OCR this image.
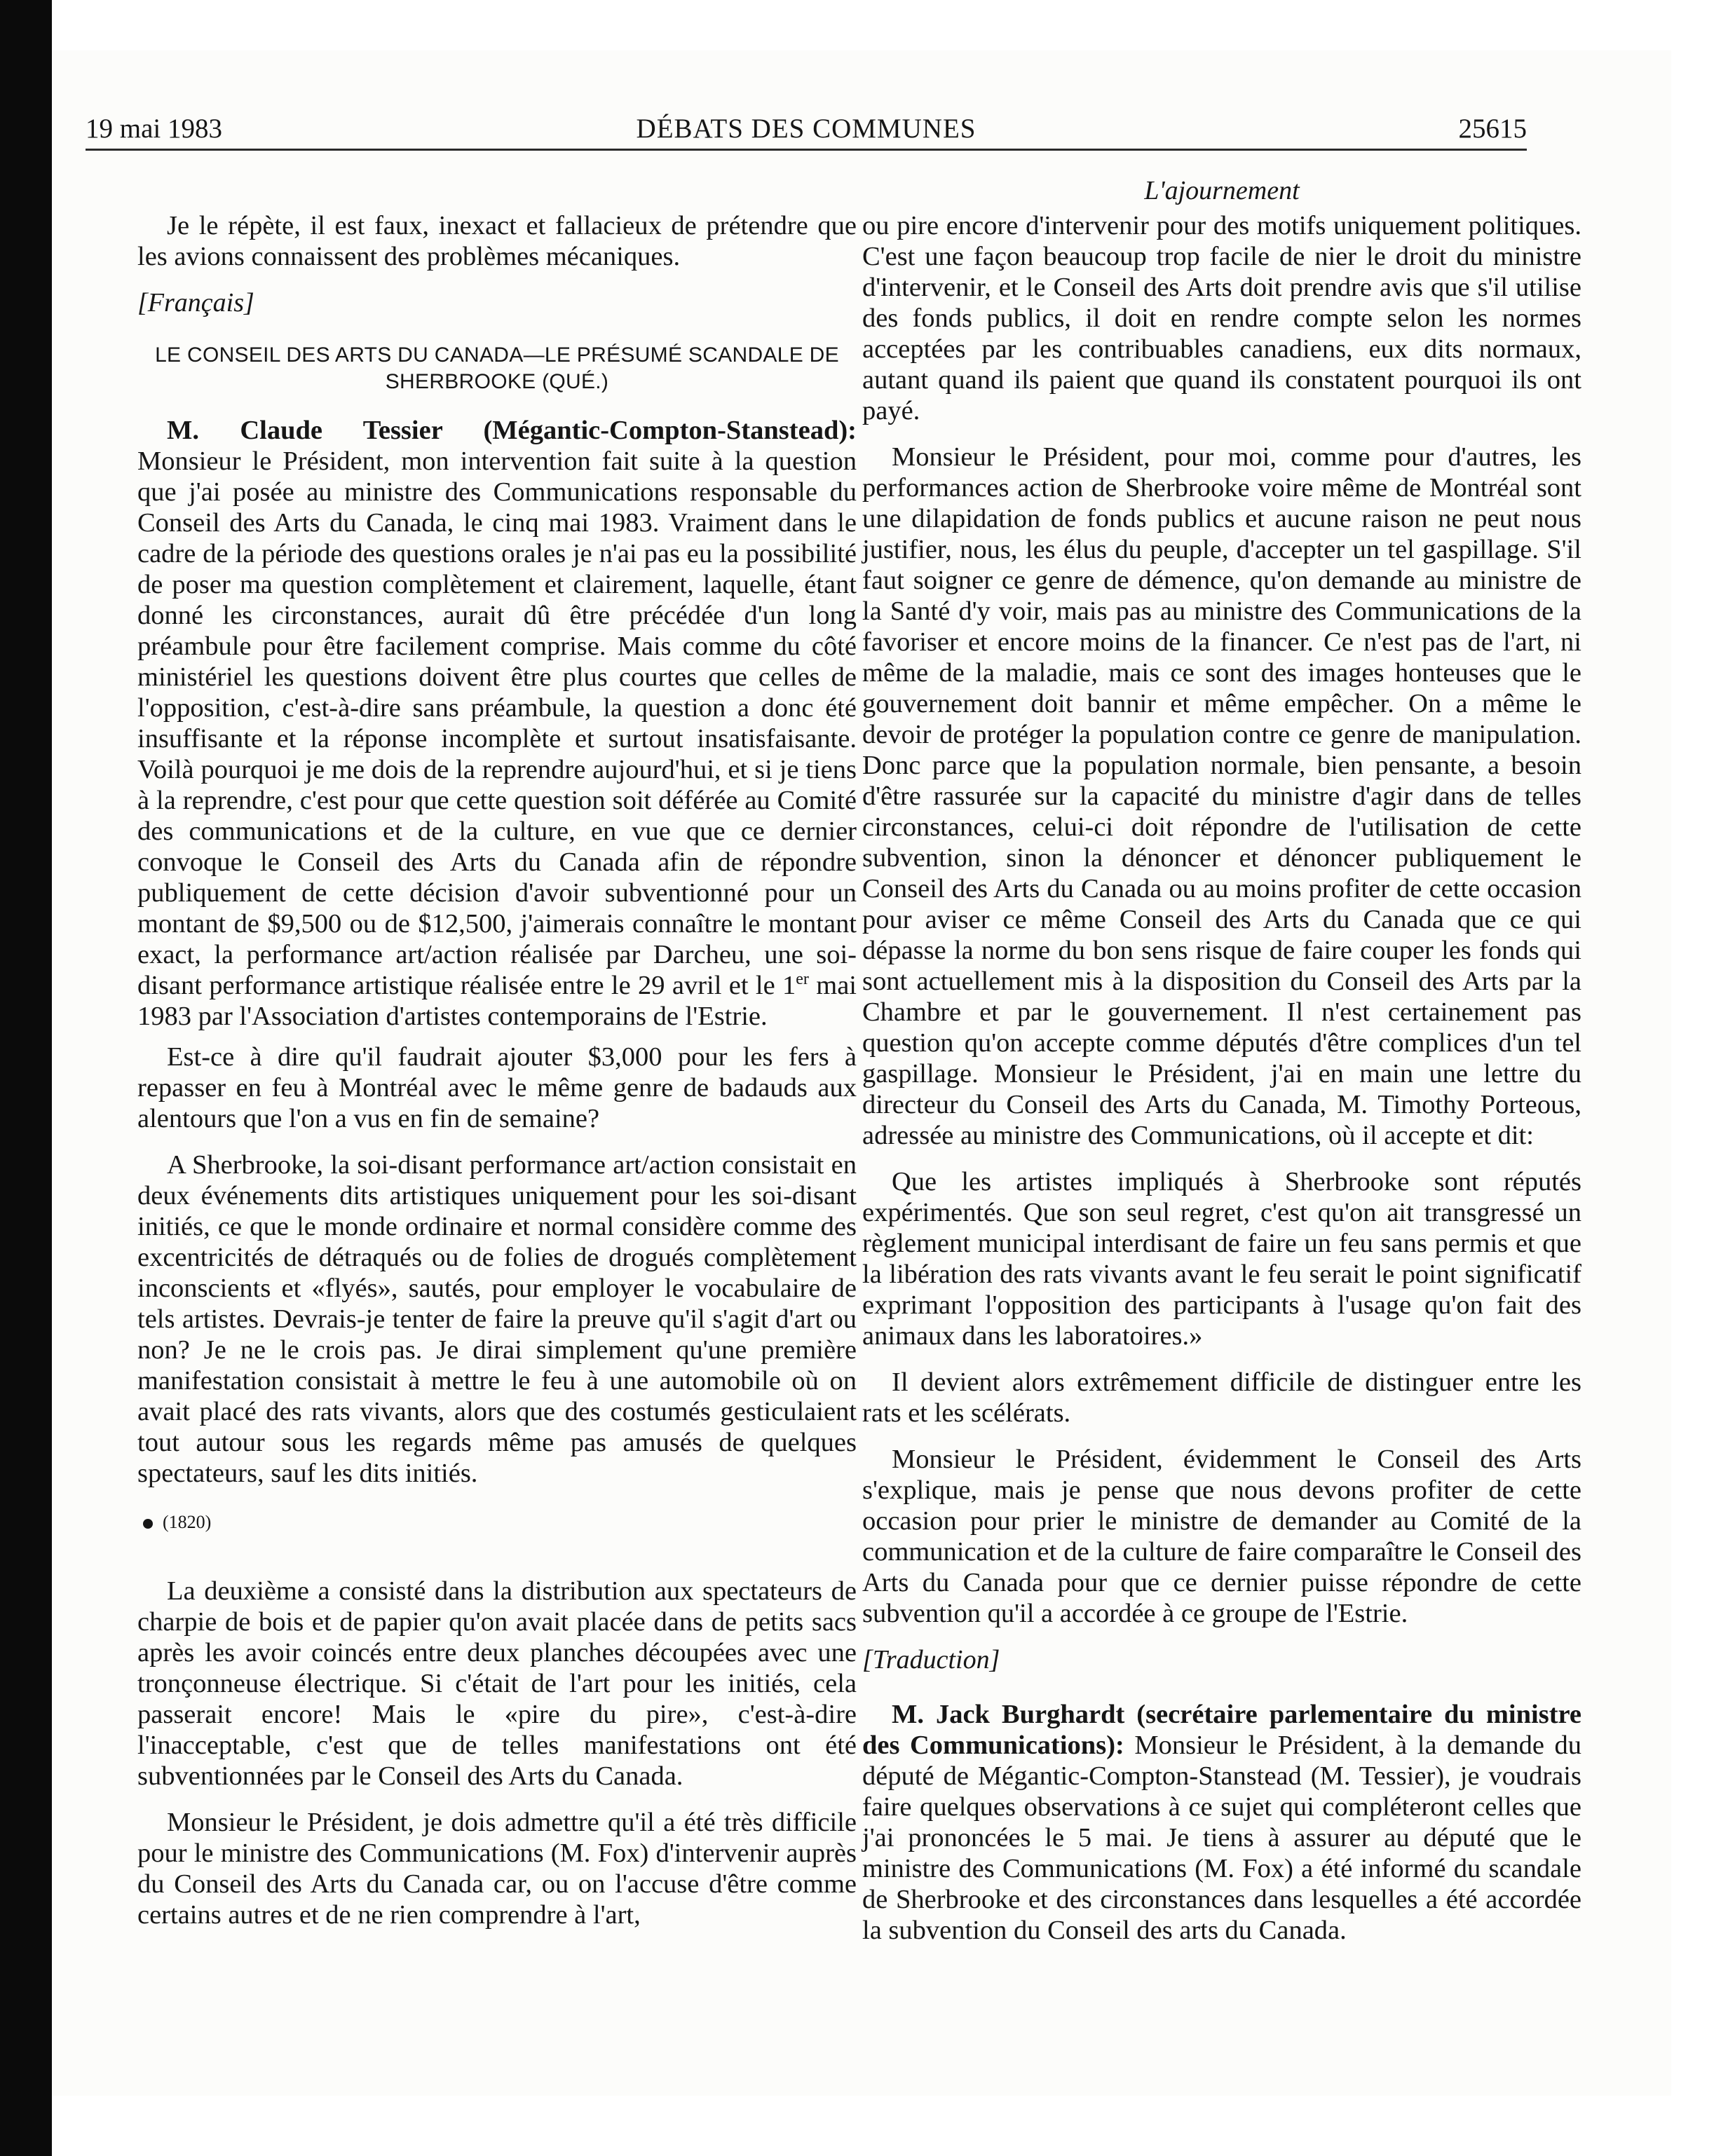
19 mai 1983	DÉBATS DES COMMUNES	25615
L'ajournement

Je le répète, il est faux, inexact et fallacieux de prétendre que les avions connaissent des problèmes mécaniques.

[Français]
LE CONSEIL DES ARTS DU CANADA—LE PRÉSUMÉ SCANDALE DE SHERBROOKE (QUÉ.)

M. Claude Tessier (Mégantic-Compton-Stanstead): Monsieur le Président, mon intervention fait suite à la question que j'ai posée au ministre des Communications responsable du Conseil des Arts du Canada, le cinq mai 1983. Vraiment dans le cadre de la période des questions orales je n'ai pas eu la possibilité de poser ma question complètement et clairement, laquelle, étant donné les circonstances, aurait dû être précédée d'un long préambule pour être facilement comprise. Mais comme du côté ministériel les questions doivent être plus courtes que celles de l'opposition, c'est-à-dire sans préambule, la question a donc été insuffisante et la réponse incomplète et surtout insatisfaisante. Voilà pourquoi je me dois de la reprendre aujourd'hui, et si je tiens à la reprendre, c'est pour que cette question soit déférée au Comité des communications et de la culture, en vue que ce dernier convoque le Conseil des Arts du Canada afin de répondre publiquement de cette décision d'avoir subventionné pour un montant de $9,500 ou de $12,500, j'aimerais connaître le montant exact, la performance art/action réalisée par Darcheu, une soi-disant performance artistique réalisée entre le 29 avril et le 1er mai 1983 par l'Association d'artistes contemporains de l'Estrie.

Est-ce à dire qu'il faudrait ajouter $3,000 pour les fers à repasser en feu à Montréal avec le même genre de badauds aux alentours que l'on a vus en fin de semaine?

A Sherbrooke, la soi-disant performance art/action consistait en deux événements dits artistiques uniquement pour les soi-disant initiés, ce que le monde ordinaire et normal considère comme des excentricités de détraqués ou de folies de drogués complètement inconscients et «flyés», sautés, pour employer le vocabulaire de tels artistes. Devrais-je tenter de faire la preuve qu'il s'agit d'art ou non? Je ne le crois pas. Je dirai simplement qu'une première manifestation consistait à mettre le feu à une automobile où on avait placé des rats vivants, alors que des costumés gesticulaient tout autour sous les regards même pas amusés de quelques spectateurs, sauf les dits initiés.

(1820)

La deuxième a consisté dans la distribution aux spectateurs de charpie de bois et de papier qu'on avait placée dans de petits sacs après les avoir coincés entre deux planches découpées avec une tronçonneuse électrique. Si c'était de l'art pour les initiés, cela passerait encore! Mais le «pire du pire», c'est-à-dire l'inacceptable, c'est que de telles manifestations ont été subventionnées par le Conseil des Arts du Canada.

Monsieur le Président, je dois admettre qu'il a été très difficile pour le ministre des Communications (M. Fox) d'intervenir auprès du Conseil des Arts du Canada car, ou on l'accuse d'être comme certains autres et de ne rien comprendre à l'art,

ou pire encore d'intervenir pour des motifs uniquement politiques. C'est une façon beaucoup trop facile de nier le droit du ministre d'intervenir, et le Conseil des Arts doit prendre avis que s'il utilise des fonds publics, il doit en rendre compte selon les normes acceptées par les contribuables canadiens, eux dits normaux, autant quand ils paient que quand ils constatent pourquoi ils ont payé.

Monsieur le Président, pour moi, comme pour d'autres, les performances action de Sherbrooke voire même de Montréal sont une dilapidation de fonds publics et aucune raison ne peut nous justifier, nous, les élus du peuple, d'accepter un tel gaspillage. S'il faut soigner ce genre de démence, qu'on demande au ministre de la Santé d'y voir, mais pas au ministre des Communications de la favoriser et encore moins de la financer. Ce n'est pas de l'art, ni même de la maladie, mais ce sont des images honteuses que le gouvernement doit bannir et même empêcher. On a même le devoir de protéger la population contre ce genre de manipulation. Donc parce que la population normale, bien pensante, a besoin d'être rassurée sur la capacité du ministre d'agir dans de telles circonstances, celui-ci doit répondre de l'utilisation de cette subvention, sinon la dénoncer et dénoncer publiquement le Conseil des Arts du Canada ou au moins profiter de cette occasion pour aviser ce même Conseil des Arts du Canada que ce qui dépasse la norme du bon sens risque de faire couper les fonds qui sont actuellement mis à la disposition du Conseil des Arts par la Chambre et par le gouvernement. Il n'est certainement pas question qu'on accepte comme députés d'être complices d'un tel gaspillage. Monsieur le Président, j'ai en main une lettre du directeur du Conseil des Arts du Canada, M. Timothy Porteous, adressée au ministre des Communications, où il accepte et dit:

Que les artistes impliqués à Sherbrooke sont réputés expérimentés. Que son seul regret, c'est qu'on ait transgressé un règlement municipal interdisant de faire un feu sans permis et que la libération des rats vivants avant le feu serait le point significatif exprimant l'opposition des participants à l'usage qu'on fait des animaux dans les laboratoires.»

Il devient alors extrêmement difficile de distinguer entre les rats et les scélérats.

Monsieur le Président, évidemment le Conseil des Arts s'explique, mais je pense que nous devons profiter de cette occasion pour prier le ministre de demander au Comité de la communication et de la culture de faire comparaître le Conseil des Arts du Canada pour que ce dernier puisse répondre de cette subvention qu'il a accordée à ce groupe de l'Estrie.

[Traduction]

M. Jack Burghardt (secrétaire parlementaire du ministre des Communications): Monsieur le Président, à la demande du député de Mégantic-Compton-Stanstead (M. Tessier), je voudrais faire quelques observations à ce sujet qui compléteront celles que j'ai prononcées le 5 mai. Je tiens à assurer au député que le ministre des Communications (M. Fox) a été informé du scandale de Sherbrooke et des circonstances dans lesquelles a été accordée la subvention du Conseil des arts du Canada.
